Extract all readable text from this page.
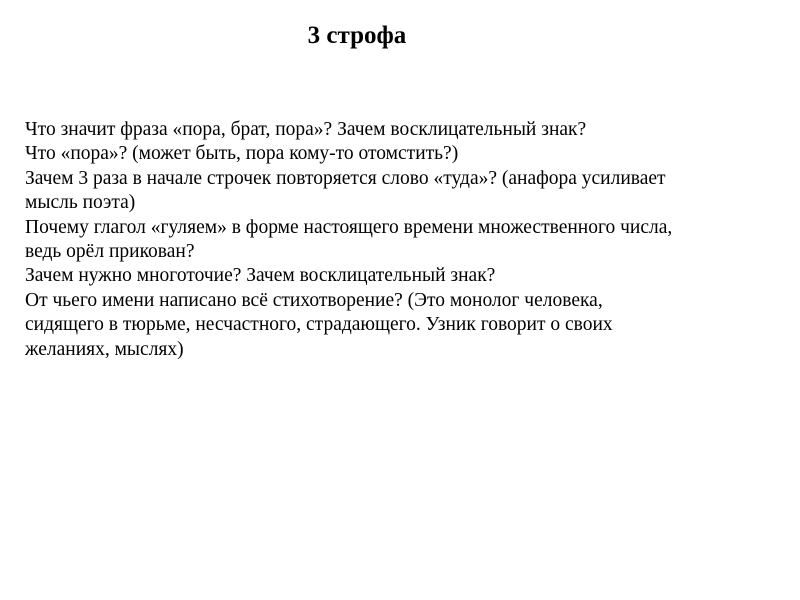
3 строфа
Что значит фраза «пора, брат, пора»? Зачем восклицательный знак?
Что «пора»? (может быть, пора кому-то отомстить?)
Зачем 3 раза в начале строчек повторяется слово «туда»? (анафора усиливает
мысль поэта)
Почему глагол «гуляем» в форме настоящего времени множественного числа,
ведь орёл прикован?
Зачем нужно многоточие? Зачем восклицательный знак?
От чьего имени написано всё стихотворение? (Это монолог человека,
сидящего в тюрьме, несчастного, страдающего. Узник говорит о своих
желаниях, мыслях)
